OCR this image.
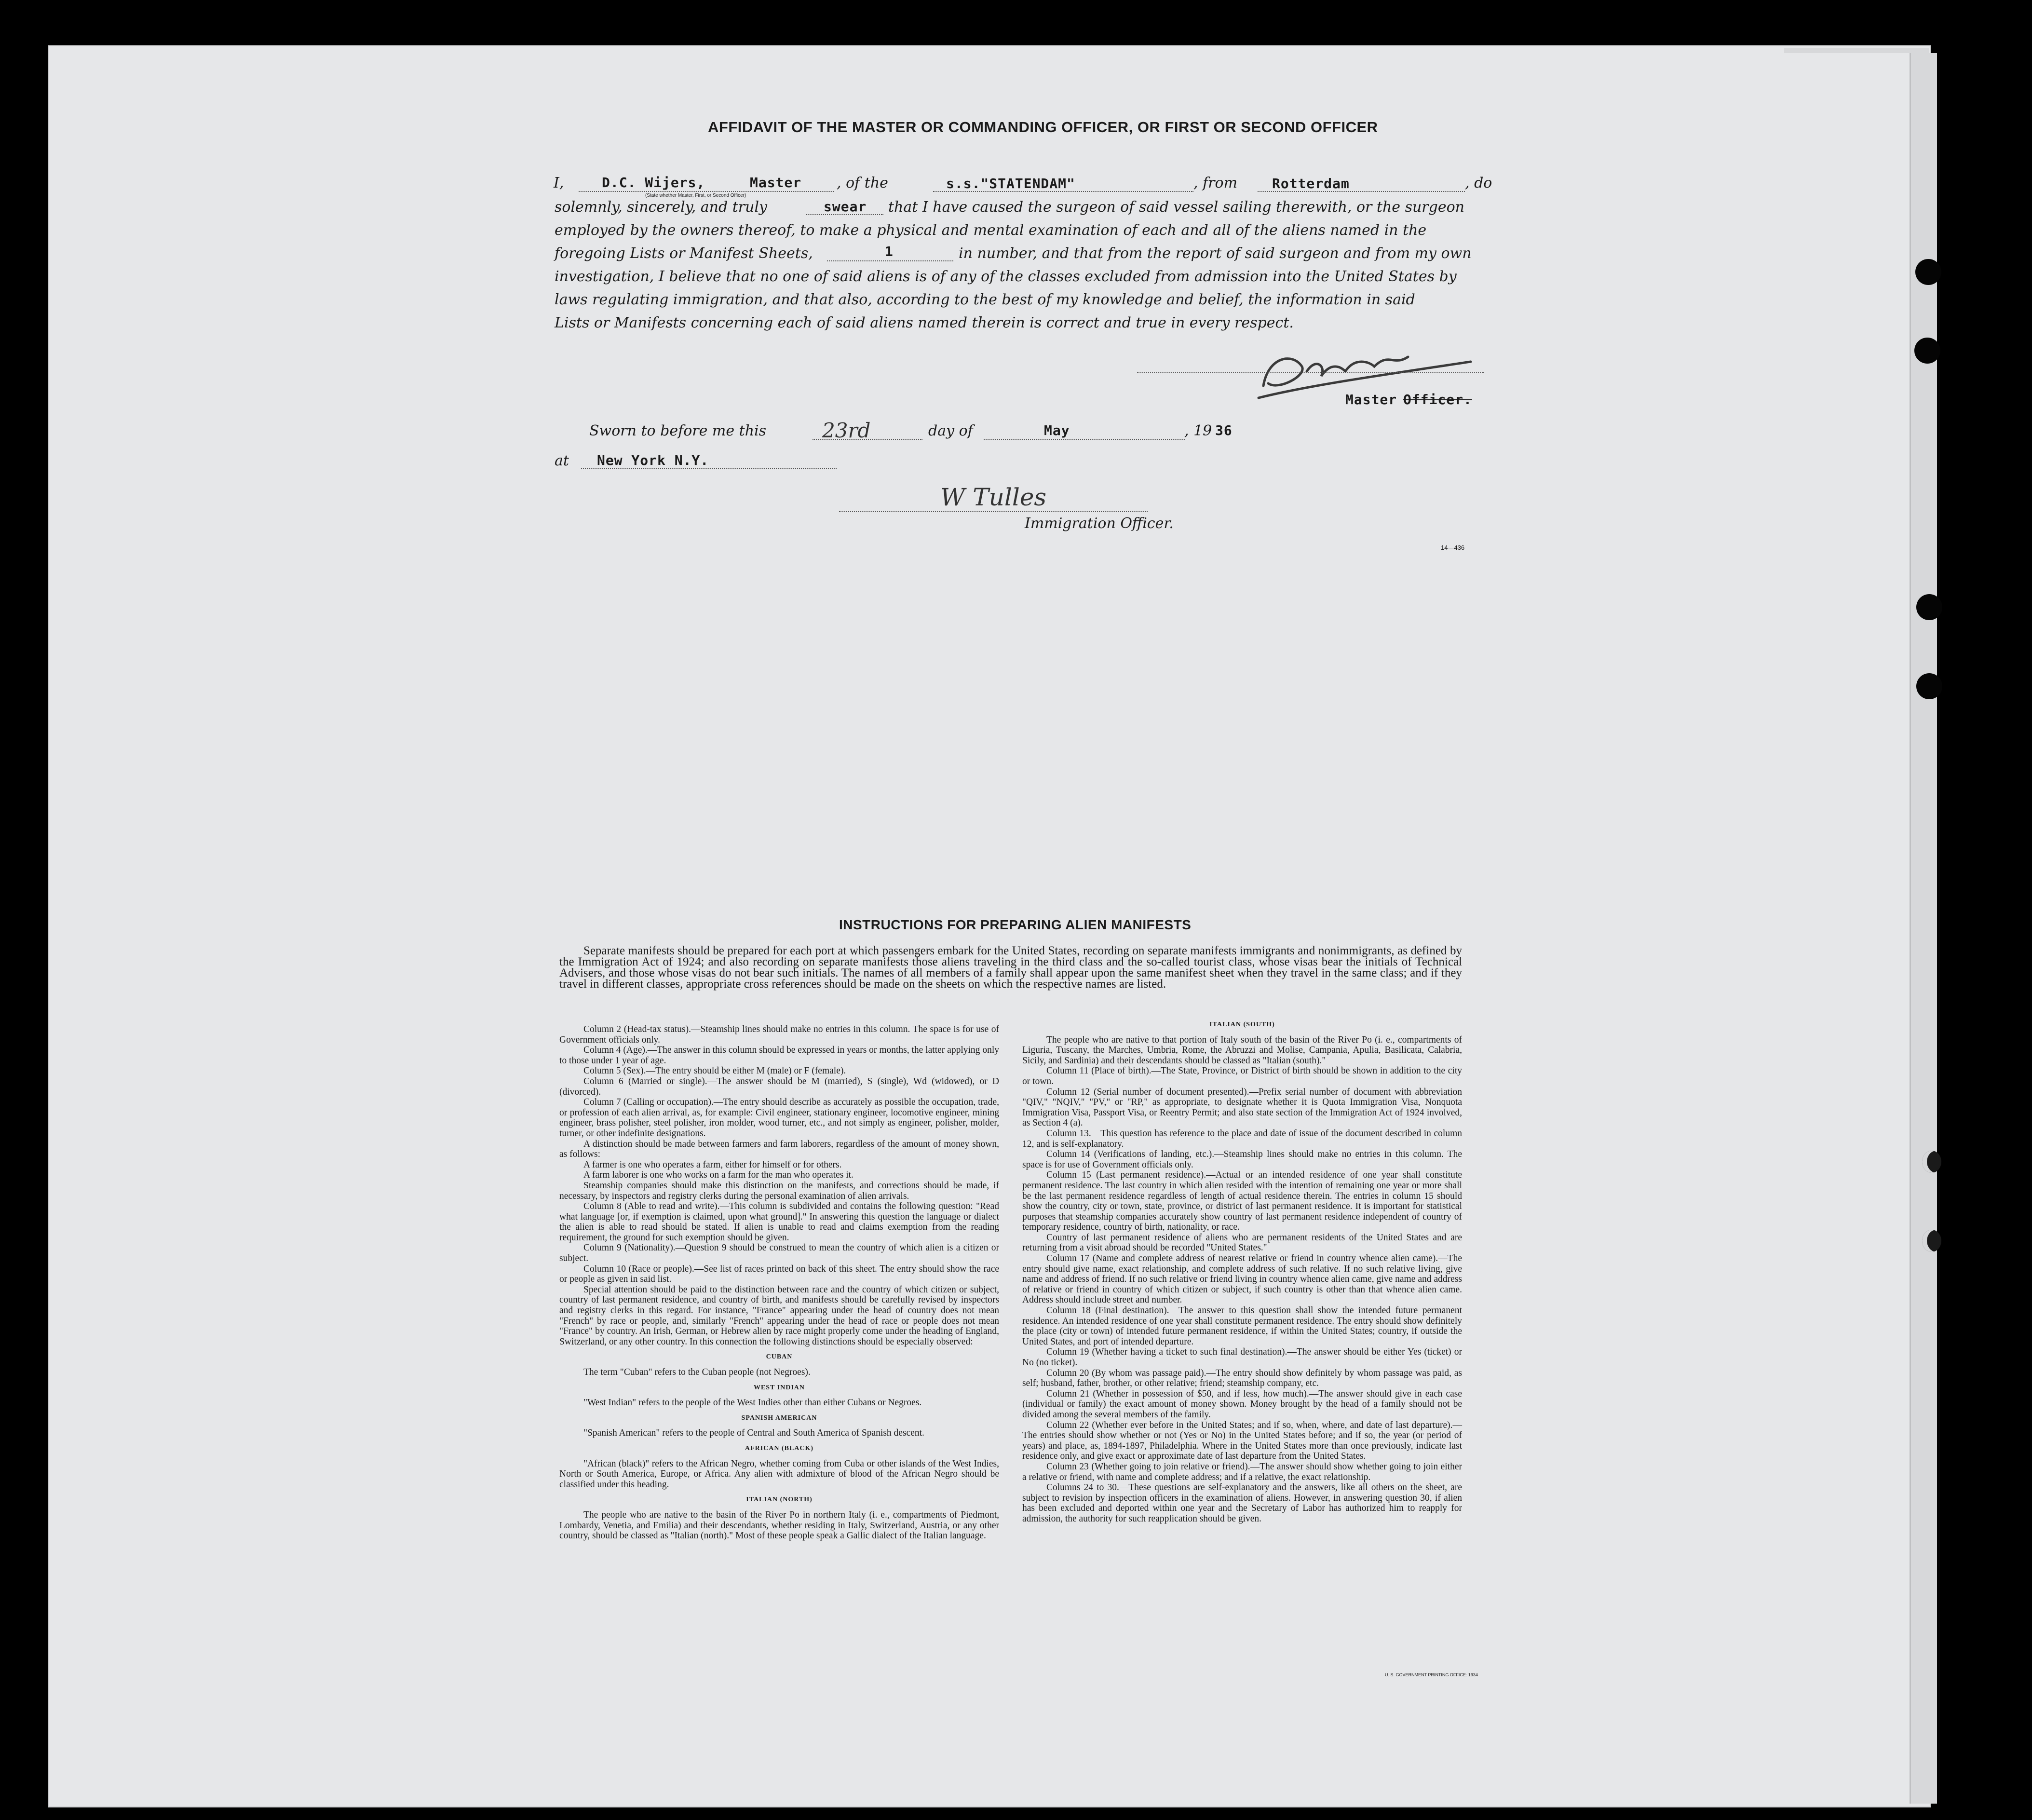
AFFIDAVIT OF THE MASTER OR COMMANDING OFFICER, OR FIRST OR SECOND OFFICER
I,	D.C. Wijers,	Master
(State whether Master, First, or Second Officer)
, of the	s.s."STATENDAM"	, from	Rotterdam	, do
solemnly, sincerely, and truly	swear that I have caused the surgeon of said vessel sailing therewith, or the surgeon
employed by the owners thereof, to make a physical and mental examination of each and all of the aliens named in the
foregoing Lists or Manifest Sheets,	1	in number, and that from the report of said surgeon and from my own
investigation, I believe that no one of said aliens is of any of the classes excluded from admission into the United States by
laws regulating immigration, and that also, according to the best of my knowledge and belief, the information in said
Lists or Manifests concerning each of said aliens named therein is correct and true in every respect.
Master Officer.
Sworn to before me this	23rd	day of	May	, 19 36
at New York N.Y.
W Tulles
Immigration Officer.
14—436
INSTRUCTIONS FOR PREPARING ALIEN MANIFESTS

Separate manifests should be prepared for each port at which passengers embark for the United States, recording on separate manifests immigrants and nonimmigrants, as defined by the Immigration Act of 1924; and also recording on separate manifests those aliens traveling in the third class and the so-called tourist class, whose visas bear the initials of Technical Advisers, and those whose visas do not bear such initials. The names of all members of a family shall appear upon the same manifest sheet when they travel in the same class; and if they travel in different classes, appropriate cross references should be made on the sheets on which the respective names are listed.

Column 2 (Head-tax status).—Steamship lines should make no entries in this column. The space is for use of Government officials only.

Column 4 (Age).—The answer in this column should be expressed in years or months, the latter applying only to those under 1 year of age.

Column 5 (Sex).—The entry should be either M (male) or F (female).

Column 6 (Married or single).—The answer should be M (married), S (single), Wd (widowed), or D (divorced).

Column 7 (Calling or occupation).—The entry should describe as accurately as possible the occupation, trade, or profession of each alien arrival, as, for example: Civil engineer, stationary engineer, locomotive engineer, mining engineer, brass polisher, steel polisher, iron molder, wood turner, etc., and not simply as engineer, polisher, molder, turner, or other indefinite designations.

A distinction should be made between farmers and farm laborers, regardless of the amount of money shown, as follows:

A farmer is one who operates a farm, either for himself or for others.

A farm laborer is one who works on a farm for the man who operates it.

Steamship companies should make this distinction on the manifests, and corrections should be made, if necessary, by inspectors and registry clerks during the personal examination of alien arrivals.

Column 8 (Able to read and write).—This column is subdivided and contains the following question: "Read what language [or, if exemption is claimed, upon what ground]." In answering this question the language or dialect the alien is able to read should be stated. If alien is unable to read and claims exemption from the reading requirement, the ground for such exemption should be given.

Column 9 (Nationality).—Question 9 should be construed to mean the country of which alien is a citizen or subject.

Column 10 (Race or people).—See list of races printed on back of this sheet. The entry should show the race or people as given in said list.

Special attention should be paid to the distinction between race and the country of which citizen or subject, country of last permanent residence, and country of birth, and manifests should be carefully revised by inspectors and registry clerks in this regard. For instance, "France" appearing under the head of country does not mean "French" by race or people, and, similarly "French" appearing under the head of race or people does not mean "France" by country. An Irish, German, or Hebrew alien by race might properly come under the heading of England, Switzerland, or any other country. In this connection the following distinctions should be especially observed:

CUBAN

The term "Cuban" refers to the Cuban people (not Negroes).

WEST INDIAN

"West Indian" refers to the people of the West Indies other than either Cubans or Negroes.

SPANISH AMERICAN

"Spanish American" refers to the people of Central and South America of Spanish descent.

AFRICAN (BLACK)

"African (black)" refers to the African Negro, whether coming from Cuba or other islands of the West Indies, North or South America, Europe, or Africa. Any alien with admixture of blood of the African Negro should be classified under this heading.

ITALIAN (NORTH)

The people who are native to the basin of the River Po in northern Italy (i. e., compartments of Piedmont, Lombardy, Venetia, and Emilia) and their descendants, whether residing in Italy, Switzerland, Austria, or any other country, should be classed as "Italian (north)." Most of these people speak a Gallic dialect of the Italian language.

ITALIAN (SOUTH)

The people who are native to that portion of Italy south of the basin of the River Po (i. e., compartments of Liguria, Tuscany, the Marches, Umbria, Rome, the Abruzzi and Molise, Campania, Apulia, Basilicata, Calabria, Sicily, and Sardinia) and their descendants should be classed as "Italian (south)."

Column 11 (Place of birth).—The State, Province, or District of birth should be shown in addition to the city or town.

Column 12 (Serial number of document presented).—Prefix serial number of document with abbreviation "QIV," "NQIV," "PV," or "RP," as appropriate, to designate whether it is Quota Immigration Visa, Nonquota Immigration Visa, Passport Visa, or Reentry Permit; and also state section of the Immigration Act of 1924 involved, as Section 4 (a).

Column 13.—This question has reference to the place and date of issue of the document described in column 12, and is self-explanatory.

Column 14 (Verifications of landing, etc.).—Steamship lines should make no entries in this column. The space is for use of Government officials only.

Column 15 (Last permanent residence).—Actual or an intended residence of one year shall constitute permanent residence. The last country in which alien resided with the intention of remaining one year or more shall be the last permanent residence regardless of length of actual residence therein. The entries in column 15 should show the country, city or town, state, province, or district of last permanent residence. It is important for statistical purposes that steamship companies accurately show country of last permanent residence independent of country of temporary residence, country of birth, nationality, or race.

Country of last permanent residence of aliens who are permanent residents of the United States and are returning from a visit abroad should be recorded "United States."

Column 17 (Name and complete address of nearest relative or friend in country whence alien came).—The entry should give name, exact relationship, and complete address of such relative. If no such relative living, give name and address of friend. If no such relative or friend living in country whence alien came, give name and address of relative or friend in country of which citizen or subject, if such country is other than that whence alien came. Address should include street and number.

Column 18 (Final destination).—The answer to this question shall show the intended future permanent residence. An intended residence of one year shall constitute permanent residence. The entry should show definitely the place (city or town) of intended future permanent residence, if within the United States; country, if outside the United States, and port of intended departure.

Column 19 (Whether having a ticket to such final destination).—The answer should be either Yes (ticket) or No (no ticket).

Column 20 (By whom was passage paid).—The entry should show definitely by whom passage was paid, as self; husband, father, brother, or other relative; friend; steamship company, etc.

Column 21 (Whether in possession of $50, and if less, how much).—The answer should give in each case (individual or family) the exact amount of money shown. Money brought by the head of a family should not be divided among the several members of the family.

Column 22 (Whether ever before in the United States; and if so, when, where, and date of last departure).—The entries should show whether or not (Yes or No) in the United States before; and if so, the year (or period of years) and place, as, 1894-1897, Philadelphia. Where in the United States more than once previously, indicate last residence only, and give exact or approximate date of last departure from the United States.

Column 23 (Whether going to join relative or friend).—The answer should show whether going to join either a relative or friend, with name and complete address; and if a relative, the exact relationship.

Columns 24 to 30.—These questions are self-explanatory and the answers, like all others on the sheet, are subject to revision by inspection officers in the examination of aliens. However, in answering question 30, if alien has been excluded and deported within one year and the Secretary of Labor has authorized him to reapply for admission, the authority for such reapplication should be given.

U. S. GOVERNMENT PRINTING OFFICE: 1934
